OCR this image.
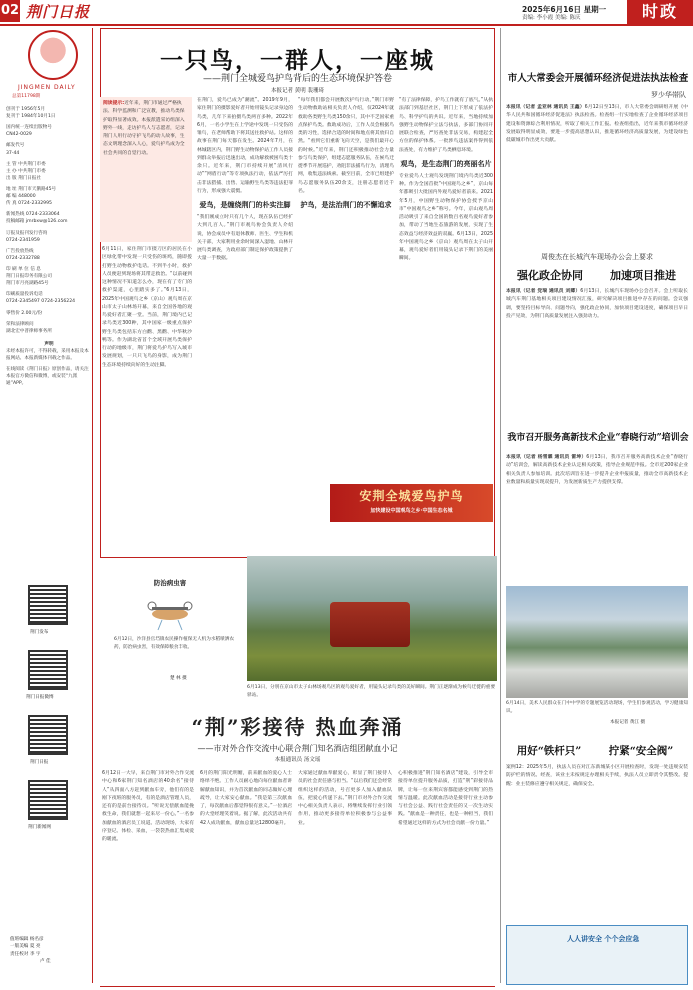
02 荆门日报	2025年6月16日 星期一
责编: 李小霞 美编: 陈庆	时政
JINGMEN DAILY
总第11798期
创刊于 1956年5月
复刊于 1984年10月1日
国内统一连续出版物号
CN42-0029
邮发代号
37-44
主 管 中共荆门市委
主 办 中共荆门市委
出 版 荆门日报社
地 址 荆门市天鹅路45号
邮 编 448000
传 真 0724-2332995
新闻热线 0724-2333064
投稿邮箱 jmrbxw@126.com
订报及报刊发行咨询
0724-2341959
广告投放热线
0724-2332788
印 刷 单 位 信 息
荆门日报印务有限公司
荆门市月亮湖路45号
印刷质量投诉电话
0724-2345497 0724-2356224
零售价 2.00元/份
荣和法律顾问
湖北宏中普律师事务所
声明
未经本报许可，不得转载，采用本报及本报网站、本报新媒体刊载之作品。
在线阅读《荆门日报》原创作品，请关注本报官方微信和微博，或安装“九派通”APP。
荆门发布
荆门日报微博
荆门日报
荆门新闻网
值班编辑 杨名彦
一版美编 夏 亮
责任校对 李 宇
卢 佳
一只鸟，一群人，一座城
——荆门全城爱鸟护鸟背后的生态环境保护答卷
本报记者 黄明 裴珊琦
阅读提示:近年来，荆门市通过严格执法、科学监测和广泛宣教，推动鸟类保护取得显著成效。本报派遣采访组深入野外一线，走访护鸟人与志愿者，记录荆门人用行动守护飞鸟的动人故事，生态文明理念深入人心，爱鸟护鸟成为全社会共同的自觉行动。
6月11日，家住荆门市掇刀区的居民在小区绿化带中发现一只受伤的斑鸠，随即拨打野生动物救护电话。不到半小时，救护人员便赶到现场将其带走救治。“以前碰到这种情况不知道怎么办，现在有了专门的救护渠道，心里踏实多了。”6月13日，2025年中国观鸟之乡（京山）观鸟周在京山市太子山林场开幕，来自全国各地的观鸟爱好者汇聚一堂。当前，荆门境内已记录鸟类近300种，其中国家一级重点保护野生鸟类包括东方白鹳、黑鹳、中华秋沙鸭等。作为湖北省首个全域开展鸟类保护行动的地级市，荆门将爱鸟护鸟写入城市发展规划，一只只飞鸟的身影，成为荆门生态环境持续向好的生动注脚。
在荆门，爱鸟已成为“潮流”。2019年9月，家住荆门的摄影爱好者开始用镜头记录身边的鸟类，几年下来拍摄鸟类两百多种。2022年6月，一名小学生在上学途中发现一只受伤的雏鸟，在老师帮助下将其送往救护站。这样的故事在荆门每天都在发生。2024年7月，在林城辖区内，荆门野生动物保护站工作人员接到群众举报后迅速出动，成功解救被困鸟类十余只。近年来，荆门市持续开展“清风行动”“网盾行动”等专项执法行动，依法严厉打击非法猎捕、出售、运输野生鸟类等违法犯罪行为，形成强大震慑。
爱鸟，是缠绕荆门的朴实注脚
“我们刚成立时只有几个人，现在队伍已经扩大到几百人。”荆门市观鸟协会负责人介绍说，协会成员中有退休教师、医生、学生和机关干部，大家利用业余时间深入湿地、山林开展鸟类调查，为政府部门制定保护政策提供了大量一手数据。
“每年我们都会开展数次护鸟行动，”荆门市野生动物救助站相关负责人介绍，仅2024年就救助各类野生鸟类150余只，其中不乏国家重点保护鸟类。救助成功后，工作人员会根据鸟类的习性，选择合适的时间和地点将其放归自然。“看到它们重新飞向天空，是我们最开心的时候。”近年来，荆门还积极推动社会力量参与鸟类保护，组建志愿服务队伍，在候鸟迁徙季节开展巡护，劝阻非法捕鸟行为，清理鸟网，收集违法线索。截至目前，全市已组建护鸟志愿服务队伍20余支，注册志愿者近千名。
护鸟，是法治荆门的不懈追求
“有了法律保障，护鸟工作就有了底气。”从执法部门到基层社区，荆门上下形成了依法护鸟、科学护鸟的共识。近年来，当地持续加强野生动物保护立法与执法，多部门协同开展联合检查，严厉查处非法交易，构建起全方位的保护体系。一批涉鸟违法案件得到依法查处，有力维护了鸟类栖息环境。
观鸟，是生态荆门的亮丽名片
专业爱鸟人士观鸟发现荆门境内鸟类近300种。作为全国首批“中国观鸟之乡”，京山每年都吸引大批国内外观鸟爱好者前来。2021年5月，中国野生动物保护协会授予京山市“中国观鸟之乡”称号。今年，京山观鸟周活动吸引了来自全国的数百名观鸟爱好者参加，带动了当地生态旅游的发展，实现了生态效益与经济效益的双赢。6月13日，2025年中国观鸟之乡（京山）观鸟周在太子山开幕，观鸟爱好者们用镜头记录下荆门的美丽瞬间。
安荆全城爱鸟护鸟
加快建设中国观鸟之乡·中国生态名城
防治病虫害
6月12日，沙洋县官垱镇农民操作植保无人机为水稻喷洒农药，防治病虫害，有效保障粮食丰收。
楚 林 摄
6月13日，分别在京山市太子山林场观鸟区的观鸟爱好者，用镜头记录鸟类的美好瞬间。荆门正逐渐成为候鸟迁徙的重要驿站。
“荆”彩接待 热血奔涌
——市对外合作交流中心联合荆门知名酒店组团献血小记
本报通讯员 汤文瑶
6月12日一大早，来自荆门市对外合作交流中心和6家荆门知名酒店的40余名“接待人”从四面八方赶到献血车旁，他们有的是刚下夜班的服务员，有的是酒店管理人员，还有的是前台接待员。“听说无偿献血能挽救生命，我们就想一起来尽一份心。”一名参加献血的酒店员工说道。活动现场，大家有序登记、体检、采血，一袋袋热血汇集成爱的暖流。
6月的荆门阳光明媚，前来献血的爱心人士络绎不绝。工作人员耐心地向每位献血者讲解献血知识，并为首次献血的同志做好心理疏导，让大家安心献血。“我是第三次献血了，每次献血后都觉得很有意义。”一位酒店的大堂经理笑着说。据了解，此次活动共有42人成功献血，献血总量达12800毫升。
大家通过献血奉献爱心，彰显了荆门接待人员的社会责任感与担当。“以后我们还会经常组织这样的活动，号召更多人加入献血队伍，把爱心传递下去。”荆门市对外合作交流中心相关负责人表示，将继续发挥行业引领作用，推动更多接待单位积极参与公益事业。
心积极推进“荆门知名酒店”建设，引导全市接待单位提升服务品质，打造“荆”彩接待品牌，让每一位来荆宾客都能感受到荆门的热情与温暖。此次献血活动是接待行业主动参与社会公益、践行社会责任的又一次生动实践。“献血是一种责任，也是一种担当，我们希望通过这样的方式为社会贡献一份力量。”
市人大常委会开展循环经济促进法执法检查
罗少华帯队
本报讯（记者 孟亚林 通讯员 王鑫）6月12日至13日，市人大常委会调研组开展《中华人民共和国循环经济促进法》执法检查。检查组一行实地检查了企业循环经济项目建设和资源综合利用情况，听取了相关工作汇报。检查组指出，近年来我市循环经济发展取得明显成效，要进一步提高思想认识，推进循环经济高质量发展，为建设绿色低碳城市作出更大贡献。
周俊杰在长城汽车现场办公会上要求
强化政企协同	加速项目推进
本报讯（记者 党瑞 通讯员 刘卿）6月13日，长城汽车现场办公会召开。会上听取长城汽车荆门基地相关项目建设情况汇报，研究解决项目推进中存在的问题。会议强调，要坚持目标导向、问题导向，强化政企协同，加快项目建设进度，确保项目早日投产见效，为荆门高质量发展注入强劲动力。
我市召开服务高新技术企业“春晓行动”培训会
本报讯（记者 杨雪霖 通讯员 雷坤）6月13日，我市召开服务高新技术企业“春晓行动”培训会，解读高新技术企业认定相关政策，指导企业规范申报。全市近200家企业相关负责人参加培训。此次培训旨在进一步提升企业申报质量，推动全市高新技术企业数量和质量实现双提升，为发展新质生产力提供支撑。
6月14日，美术人民群众在门中中学的专题展览活动现场，学生们参观活动，学习健康知识。
本报记者 黄江 摄
用好“铁杆只”	拧紧“安全阀”
案例12：2025年5月，执法人员在对江东新城某小区开展检查时，发现一处违规安装防护栏的情况。经查，该业主未按规定办理相关手续，执法人员立即责令其整改。提醒：业主装修应遵守相关规定，确保安全。
人人讲安全 个个会应急
